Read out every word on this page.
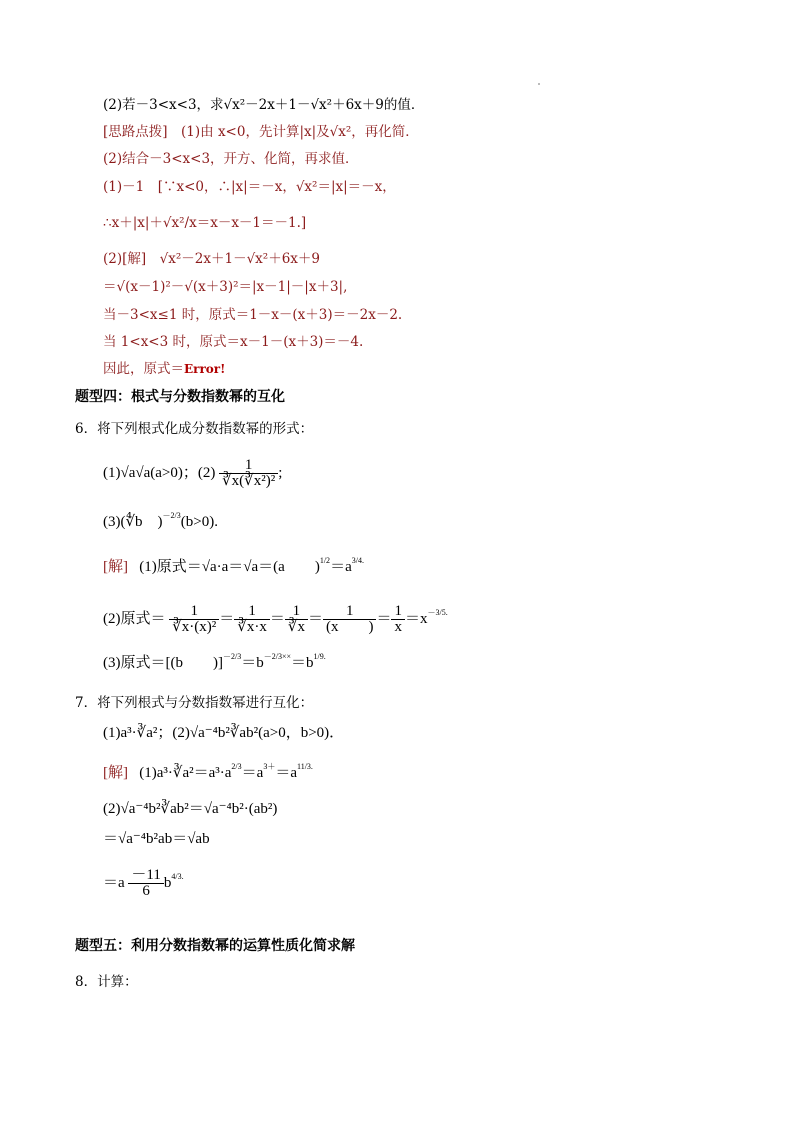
(2)若－3<x<3，求√x²－2x＋1－√x²＋6x＋9的值．
[思路点拨]　(1)由 x<0，先计算|x|及√x²，再化简．
(2)结合－3<x<3，开方、化简，再求值．
(1)－1　[∵x<0，∴|x|＝－x，√x²＝|x|＝－x，
∴x＋|x|＋√x²/x＝x－x－1＝－1.]
(2)[解]　√x²－2x＋1－√x²＋6x＋9
＝√(x－1)²－√(x＋3)²＝|x－1|－|x＋3|,
当－3<x≤1 时，原式＝1－x－(x＋3)＝－2x－2.
当 1<x<3 时，原式＝x－1－(x＋3)＝－4.
因此，原式＝Error!
题型四：根式与分数指数幂的互化
6．将下列根式化成分数指数幂的形式：
(1)√a√a(a>0)；$(2) \frac{1}{\text{∛x(∛x²)²}}$ ;
(3)(∜b　)$^{-2/3}$(b>0).
[解] (1)原式＝√a·a＝√a＝(a　　)$^{1/2}=a^{3/4.}$
(2)原式＝ $\frac{1}{\text{∛x·(x)²}} = \frac{1}{∛x\cdot x} = \frac{1}{∛x} = \frac{1}{(x )} = \frac{1}{x} =x^{-3/5.}$
(3)原式＝[(b　　)]$^{-2/3}=b^{-2/3\times\times}=b^{1/9.}$
7．将下列根式与分数指数幂进行互化：
(1)a³·∛a²；(2)√a⁻⁴b²∛ab²(a>0，b>0)．
[解] $(1)a^3\cdot∛a^2=a^3\cdot a^{2/3}=a^{3+}=a^{11/3.}$
(2)√a⁻⁴b²∛ab²＝√a⁻⁴b²·(ab²)
＝√a⁻⁴b²ab＝√ab
$=a \frac{-11}{6} b^{4/3.}$
题型五：利用分数指数幂的运算性质化简求解
8．计算：
